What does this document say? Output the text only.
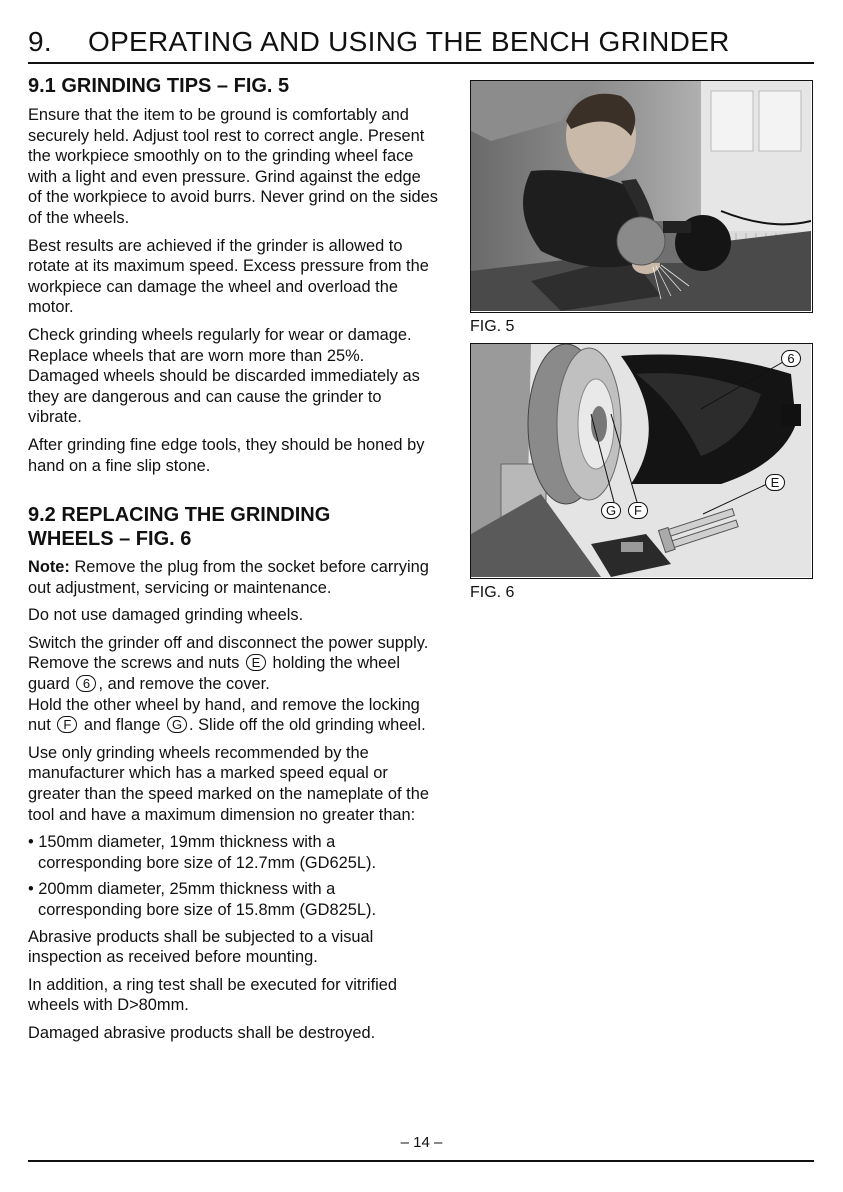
9. OPERATING AND USING THE BENCH GRINDER
9.1 GRINDING TIPS – FIG. 5

Ensure that the item to be ground is comfortably and securely held. Adjust tool rest to correct angle. Present the workpiece smoothly on to the grinding wheel face with a light and even pressure. Grind against the edge of the workpiece to avoid burrs. Never grind on the sides of the wheels.

Best results are achieved if the grinder is allowed to rotate at its maximum speed. Excess pressure from the workpiece can damage the wheel and overload the motor.

Check grinding wheels regularly for wear or damage. Replace wheels that are worn more than 25%. Damaged wheels should be discarded immediately as they are dangerous and can cause the grinder to vibrate.

After grinding fine edge tools, they should be honed by hand on a fine slip stone.

9.2 REPLACING THE GRINDING
WHEELS – FIG. 6

Note: Remove the plug from the socket before carrying out adjustment, servicing or maintenance.

Do not use damaged grinding wheels.

Switch the grinder off and disconnect the power supply. Remove the screws and nuts E holding the wheel guard 6 , and remove the cover.

Hold the other wheel by hand, and remove the locking nut F and flange G . Slide off the old grinding wheel.

Use only grinding wheels recommended by the manufacturer which has a marked speed equal or greater than the speed marked on the nameplate of the tool and have a maximum dimension no greater than:

• 150mm diameter, 19mm thickness with a corresponding bore size of 12.7mm (GD625L).

• 200mm diameter, 25mm thickness with a corresponding bore size of 15.8mm (GD825L).

Abrasive products shall be subjected to a visual inspection as received before mounting.

In addition, a ring test shall be executed for vitrified wheels with D>80mm.

Damaged abrasive products shall be destroyed.

FIG. 5
6
E
G	F
FIG. 6
– 14 –
